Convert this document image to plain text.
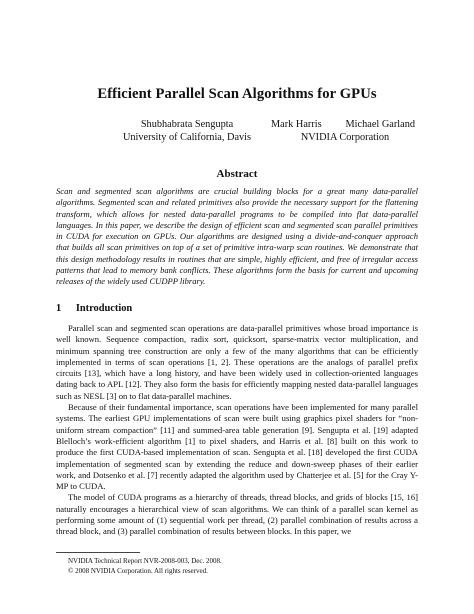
Efficient Parallel Scan Algorithms for GPUs
Shubhabrata Sengupta
University of California, Davis
Mark Harris Michael Garland
NVIDIA Corporation
Abstract
Scan and segmented scan algorithms are crucial building blocks for a great many data-parallel algorithms. Segmented scan and related primitives also provide the necessary support for the flattening transform, which allows for nested data-parallel programs to be compiled into flat data-parallel languages. In this paper, we describe the design of efficient scan and segmented scan parallel primitives in CUDA for execution on GPUs. Our algorithms are designed using a divide-and-conquer approach that builds all scan primitives on top of a set of primitive intra-warp scan routines. We demonstrate that this design methodology results in routines that are simple, highly efficient, and free of irregular access patterns that lead to memory bank conflicts. These algorithms form the basis for current and upcoming releases of the widely used CUDPP library.
1 Introduction

Parallel scan and segmented scan operations are data-parallel primitives whose broad importance is well known. Sequence compaction, radix sort, quicksort, sparse-matrix vector multiplication, and minimum spanning tree construction are only a few of the many algorithms that can be efficiently implemented in terms of scan operations [1, 2]. These operations are the analogs of parallel prefix circuits [13], which have a long history, and have been widely used in collection-oriented languages dating back to APL [12]. They also form the basis for efficiently mapping nested data-parallel languages such as NESL [3] on to flat data-parallel machines.

Because of their fundamental importance, scan operations have been implemented for many parallel systems. The earliest GPU implementations of scan were built using graphics pixel shaders for “non-uniform stream compaction” [11] and summed-area table generation [9]. Sengupta et al. [19] adapted Blelloch’s work-efficient algorithm [1] to pixel shaders, and Harris et al. [8] built on this work to produce the first CUDA-based implementation of scan. Sengupta et al. [18] developed the first CUDA implementation of segmented scan by extending the reduce and down-sweep phases of their earlier work, and Dotsenko et al. [7] recently adapted the algorithm used by Chatterjee et al. [5] for the Cray Y-MP to CUDA.

The model of CUDA programs as a hierarchy of threads, thread blocks, and grids of blocks [15, 16] naturally encourages a hierarchical view of scan algorithms. We can think of a parallel scan kernel as performing some amount of (1) sequential work per thread, (2) parallel combination of results across a thread block, and (3) parallel combination of results between blocks. In this paper, we

NVIDIA Technical Report NVR-2008-003, Dec. 2008.
© 2008 NVIDIA Corporation. All rights reserved.
